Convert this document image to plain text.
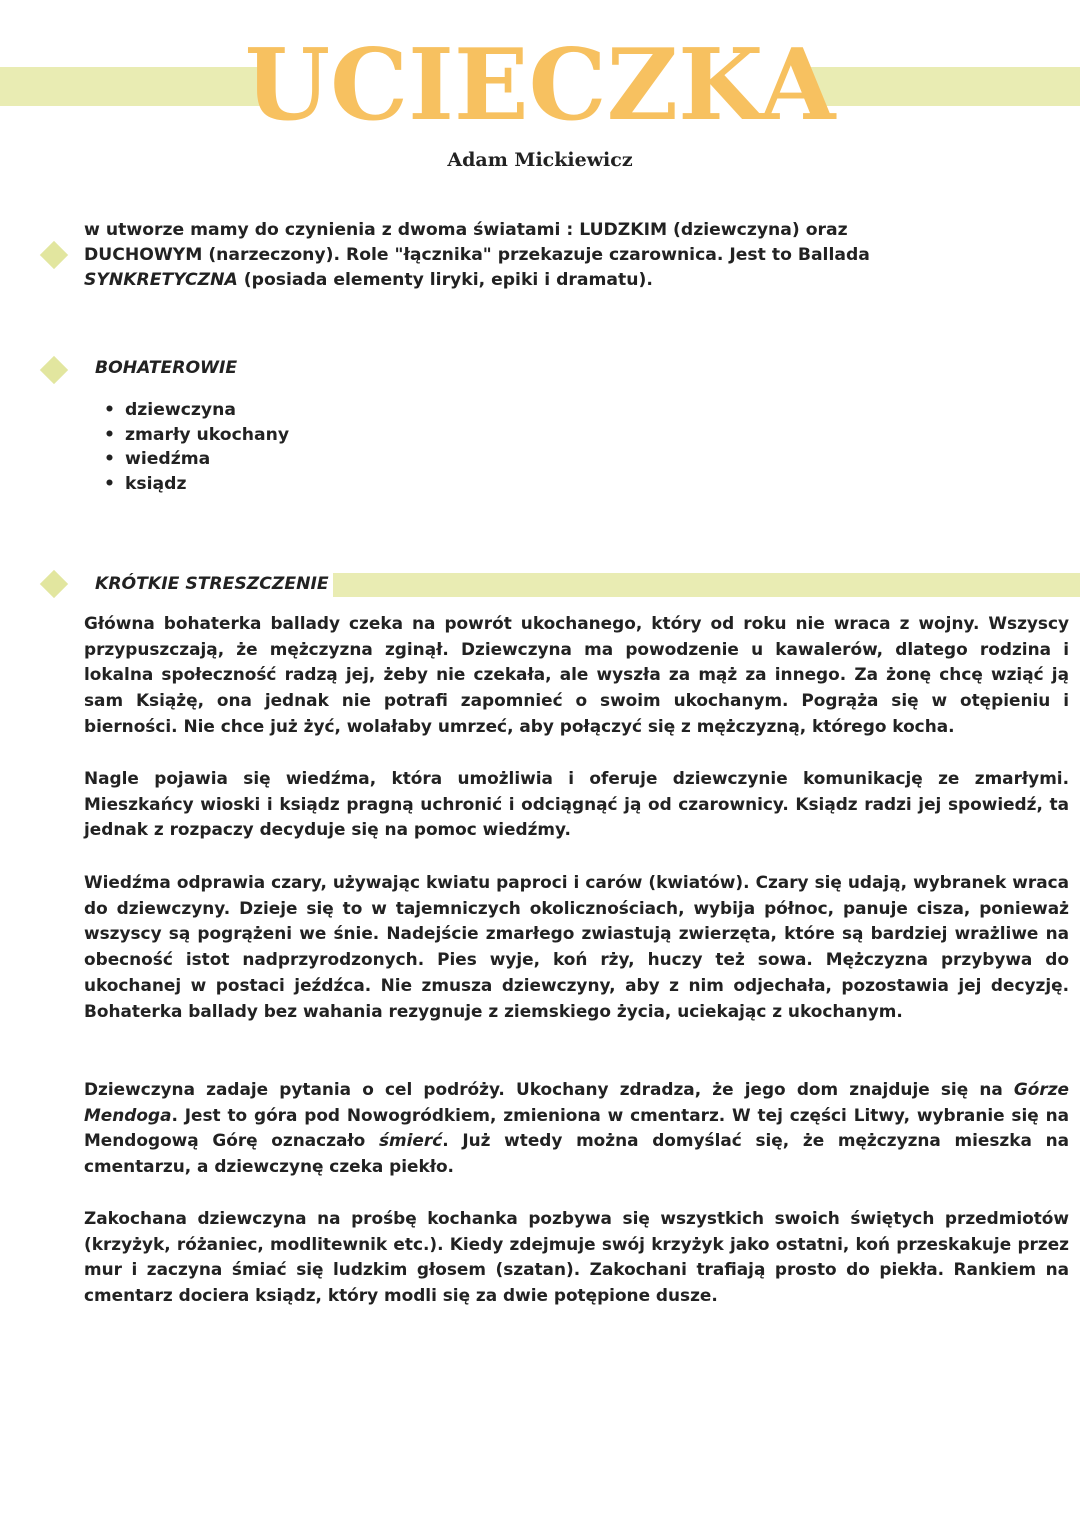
UCIECZKA
Adam Mickiewicz

w utworze mamy do czynienia z dwoma światami : LUDZKIM (dziewczyna) oraz DUCHOWYM (narzeczony). Role "łącznika" przekazuje czarownica. Jest to Ballada SYNKRETYCZNA (posiada elementy liryki, epiki i dramatu).

BOHATEROWIE
• dziewczyna
• zmarły ukochany
• wiedźma
• ksiądz
KRÓTKIE STRESZCZENIE

Główna bohaterka ballady czeka na powrót ukochanego, który od roku nie wraca z wojny. Wszyscy przypuszczają, że mężczyzna zginął. Dziewczyna ma powodzenie u kawalerów, dlatego rodzina i lokalna społeczność radzą jej, żeby nie czekała, ale wyszła za mąż za innego. Za żonę chcę wziąć ją sam Książę, ona jednak nie potrafi zapomnieć o swoim ukochanym. Pogrąża się w otępieniu i bierności. Nie chce już żyć, wolałaby umrzeć, aby połączyć się z mężczyzną, którego kocha.

Nagle pojawia się wiedźma, która umożliwia i oferuje dziewczynie komunikację ze zmarłymi. Mieszkańcy wioski i ksiądz pragną uchronić i odciągnąć ją od czarownicy. Ksiądz radzi jej spowiedź, ta jednak z rozpaczy decyduje się na pomoc wiedźmy.

Wiedźma odprawia czary, używając kwiatu paproci i carów (kwiatów). Czary się udają, wybranek wraca do dziewczyny. Dzieje się to w tajemniczych okolicznościach, wybija północ, panuje cisza, ponieważ wszyscy są pogrążeni we śnie. Nadejście zmarłego zwiastują zwierzęta, które są bardziej wrażliwe na obecność istot nadprzyrodzonych. Pies wyje, koń rży, huczy też sowa. Mężczyzna przybywa do ukochanej w postaci jeźdźca. Nie zmusza dziewczyny, aby z nim odjechała, pozostawia jej decyzję. Bohaterka ballady bez wahania rezygnuje z ziemskiego życia, uciekając z ukochanym.

Dziewczyna zadaje pytania o cel podróży. Ukochany zdradza, że jego dom znajduje się na Górze Mendoga. Jest to góra pod Nowogródkiem, zmieniona w cmentarz. W tej części Litwy, wybranie się na Mendogową Górę oznaczało śmierć. Już wtedy można domyślać się, że mężczyzna mieszka na cmentarzu, a dziewczynę czeka piekło.

Zakochana dziewczyna na prośbę kochanka pozbywa się wszystkich swoich świętych przedmiotów (krzyżyk, różaniec, modlitewnik etc.). Kiedy zdejmuje swój krzyżyk jako ostatni, koń przeskakuje przez mur i zaczyna śmiać się ludzkim głosem (szatan). Zakochani trafiają prosto do piekła. Rankiem na cmentarz dociera ksiądz, który modli się za dwie potępione dusze.
